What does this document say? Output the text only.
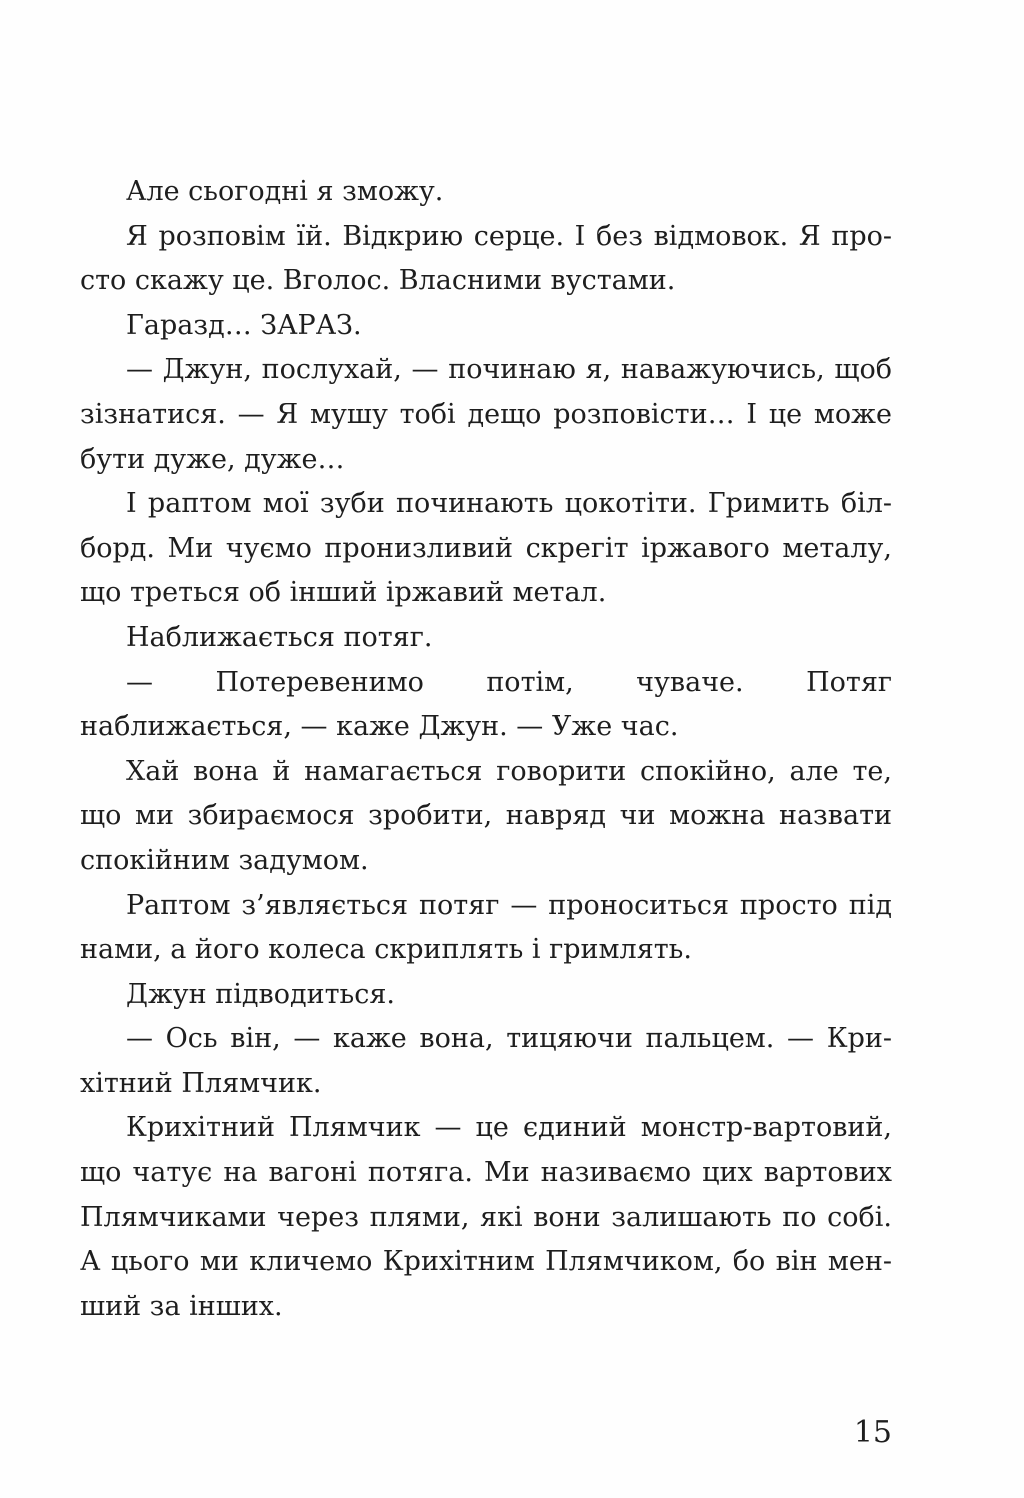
Але сьогодні я зможу.

Я розповім їй. Відкрию серце. І без відмовок. Я просто скажу це. Вголос. Власними вустами.

Гаразд… ЗАРАЗ.

— Джун, послухай, — починаю я, наважуючись, щоб зізнатися. — Я мушу тобі дещо розповісти… І це може бути дуже, дуже…

І раптом мої зуби починають цокотіти. Гримить білборд. Ми чуємо пронизливий скрегіт іржавого металу, що треться об інший іржавий метал.

Наближається потяг.

— Потеревенимо потім, чуваче. Потяг наближається, — каже Джун. — Уже час.

Хай вона й намагається говорити спокійно, але те, що ми збираємося зробити, навряд чи можна назвати спокійним задумом.

Раптом з’являється потяг — проноситься просто під нами, а його колеса скриплять і гримлять.

Джун підводиться.

— Ось він, — каже вона, тицяючи пальцем. — Крихітний Плямчик.

Крихітний Плямчик — це єдиний монстр-вартовий, що чатує на вагоні потяга. Ми називаємо цих вартових Плямчиками через плями, які вони залишають по собі. А цього ми кличемо Крихітним Плямчиком, бо він менший за інших.

15
